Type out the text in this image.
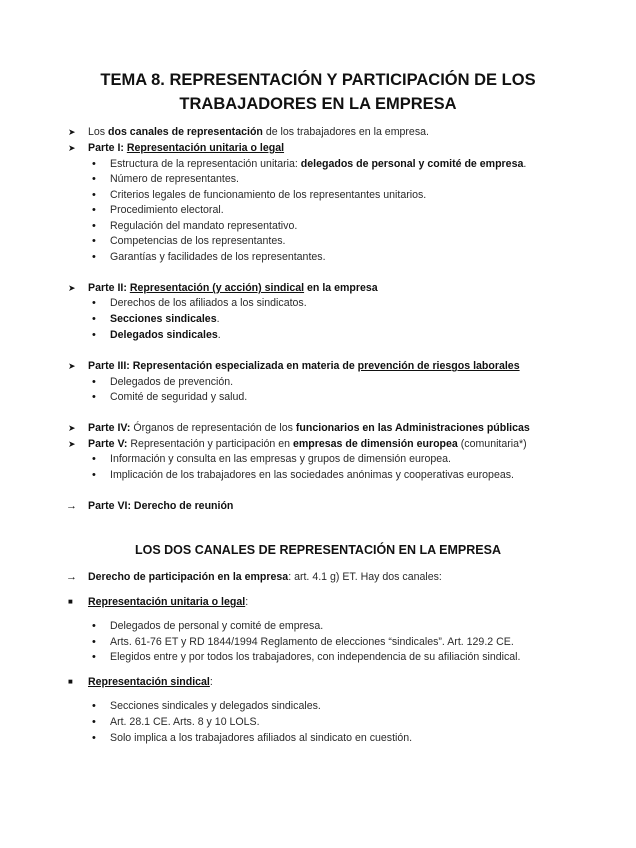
TEMA 8. REPRESENTACIÓN Y PARTICIPACIÓN DE LOS
TRABAJADORES EN LA EMPRESA
➤ Los dos canales de representación de los trabajadores en la empresa.
➤ Parte I: Representación unitaria o legal
• Estructura de la representación unitaria: delegados de personal y comité de empresa.
• Número de representantes.
• Criterios legales de funcionamiento de los representantes unitarios.
• Procedimiento electoral.
• Regulación del mandato representativo.
• Competencias de los representantes.
• Garantías y facilidades de los representantes.
➤ Parte II: Representación (y acción) sindical en la empresa
• Derechos de los afiliados a los sindicatos.
• Secciones sindicales.
• Delegados sindicales.
➤ Parte III: Representación especializada en materia de prevención de riesgos laborales
• Delegados de prevención.
• Comité de seguridad y salud.
➤ Parte IV: Órganos de representación de los funcionarios en las Administraciones públicas
➤ Parte V: Representación y participación en empresas de dimensión europea (comunitaria*)
• Información y consulta en las empresas y grupos de dimensión europea.
• Implicación de los trabajadores en las sociedades anónimas y cooperativas europeas.
→ Parte VI: Derecho de reunión
LOS DOS CANALES DE REPRESENTACIÓN EN LA EMPRESA
→ Derecho de participación en la empresa: art. 4.1 g) ET. Hay dos canales:
■ Representación unitaria o legal:
• Delegados de personal y comité de empresa.
• Arts. 61-76 ET y RD 1844/1994 Reglamento de elecciones “sindicales”. Art. 129.2 CE.
• Elegidos entre y por todos los trabajadores, con independencia de su afiliación sindical.
■ Representación sindical:
• Secciones sindicales y delegados sindicales.
• Art. 28.1 CE. Arts. 8 y 10 LOLS.
• Solo implica a los trabajadores afiliados al sindicato en cuestión.
